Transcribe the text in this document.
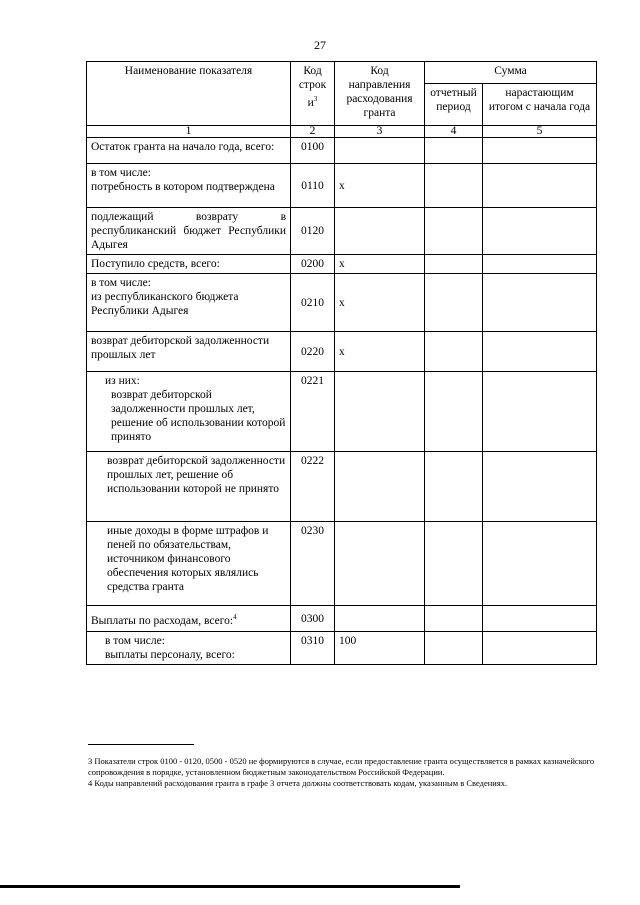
27
Наименование показателя	Код строк $и^3$	Код направления расходования гранта	Сумма	
			отчетный период	нарастающим итогом с начала года
1	2	3	4	5
Остаток гранта на начало года, всего:	0100			

в том числе:
потребность в котором подтверждена	0110	x		
подлежащий возврату в республиканский бюджет Республики Адыгея	0120			
Поступило средств, всего:	0200	x		

в том числе:
из республиканского бюджета Республики Адыгея	0210	x		
возврат дебиторской задолженности прошлых лет	0220	x		

из них:
возврат дебиторской задолженности прошлых лет, решение об использовании которой принято	0221			
возврат дебиторской задолженности прошлых лет, решение об использовании которой не принято	0222			
иные доходы в форме штрафов и пеней по обязательствам, источником финансового обеспечения которых являлись средства гранта	0230			
Выплаты по расходам, всего:$^4$	0300			

в том числе:
выплаты персоналу, всего:	0310	100		

3 Показатели строк 0100 - 0120, 0500 - 0520 не формируются в случае, если предоставление гранта осуществляется в рамках казначейского сопровождения в порядке, установленном бюджетным законодательством Российской Федерации.

4 Коды направлений расходования гранта в графе 3 отчета должны соответствовать кодам, указанным в Сведениях.
